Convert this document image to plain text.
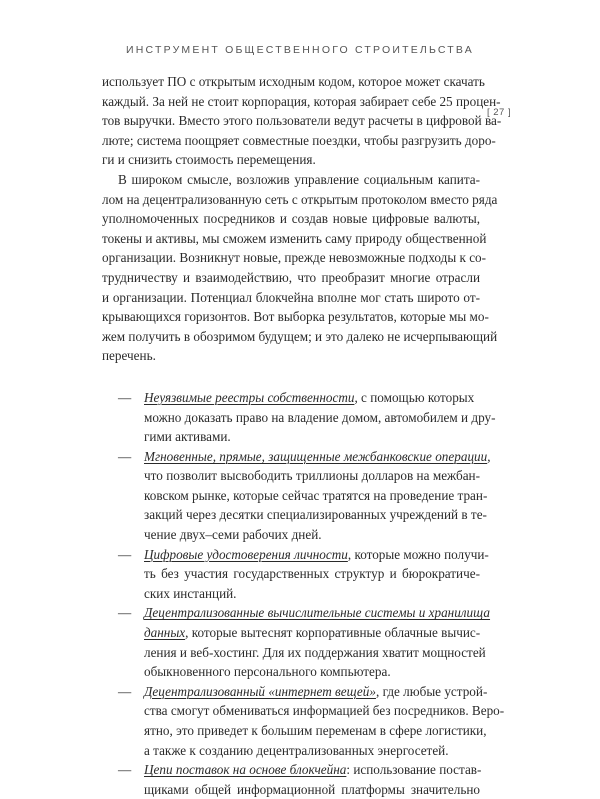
ИНСТРУМЕНТ ОБЩЕСТВЕННОГО СТРОИТЕЛЬСТВА
[ 27 ]
использует ПО с открытым исходным кодом, которое может скачать
каждый. За ней не стоит корпорация, которая забирает себе 25 процен-
тов выручки. Вместо этого пользователи ведут расчеты в цифровой ва-
люте; система поощряет совместные поездки, чтобы разгрузить доро-
ги и снизить стоимость перемещения.
В широком смысле, возложив управление социальным капита-
лом на децентрализованную сеть с открытым протоколом вместо ряда
уполномоченных посредников и создав новые цифровые валюты,
токены и активы, мы сможем изменить саму природу общественной
организации. Возникнут новые, прежде невозможные подходы к со-
трудничеству и взаимодействию, что преобразит многие отрасли
и организации. Потенциал блокчейна вполне мог стать широто от-
крывающихся горизонтов. Вот выборка результатов, которые мы мо-
жем получить в обозримом будущем; и это далеко не исчерпывающий
перечень.
— Неуязвимые реестры собственности, с помощью которых
можно доказать право на владение домом, автомобилем и дру-
гими активами.
— Мгновенные, прямые, защищенные межбанковские операции,
что позволит высвободить триллионы долларов на межбан-
ковском рынке, которые сейчас тратятся на проведение тран-
закций через десятки специализированных учреждений в те-
чение двух–семи рабочих дней.
— Цифровые удостоверения личности, которые можно получи-
ть без участия государственных структур и бюрократиче-
ских инстанций.
— Децентрализованные вычислительные системы и хранилища
данных, которые вытеснят корпоративные облачные вычис-
ления и веб-хостинг. Для их поддержания хватит мощностей
обыкновенного персонального компьютера.
— Децентрализованный «интернет вещей», где любые устрой-
ства смогут обмениваться информацией без посредников. Веро-
ятно, это приведет к большим переменам в сфере логистики,
а также к созданию децентрализованных энергосетей.
— Цепи поставок на основе блокчейна: использование постав-
щиками общей информационной платформы значительно
